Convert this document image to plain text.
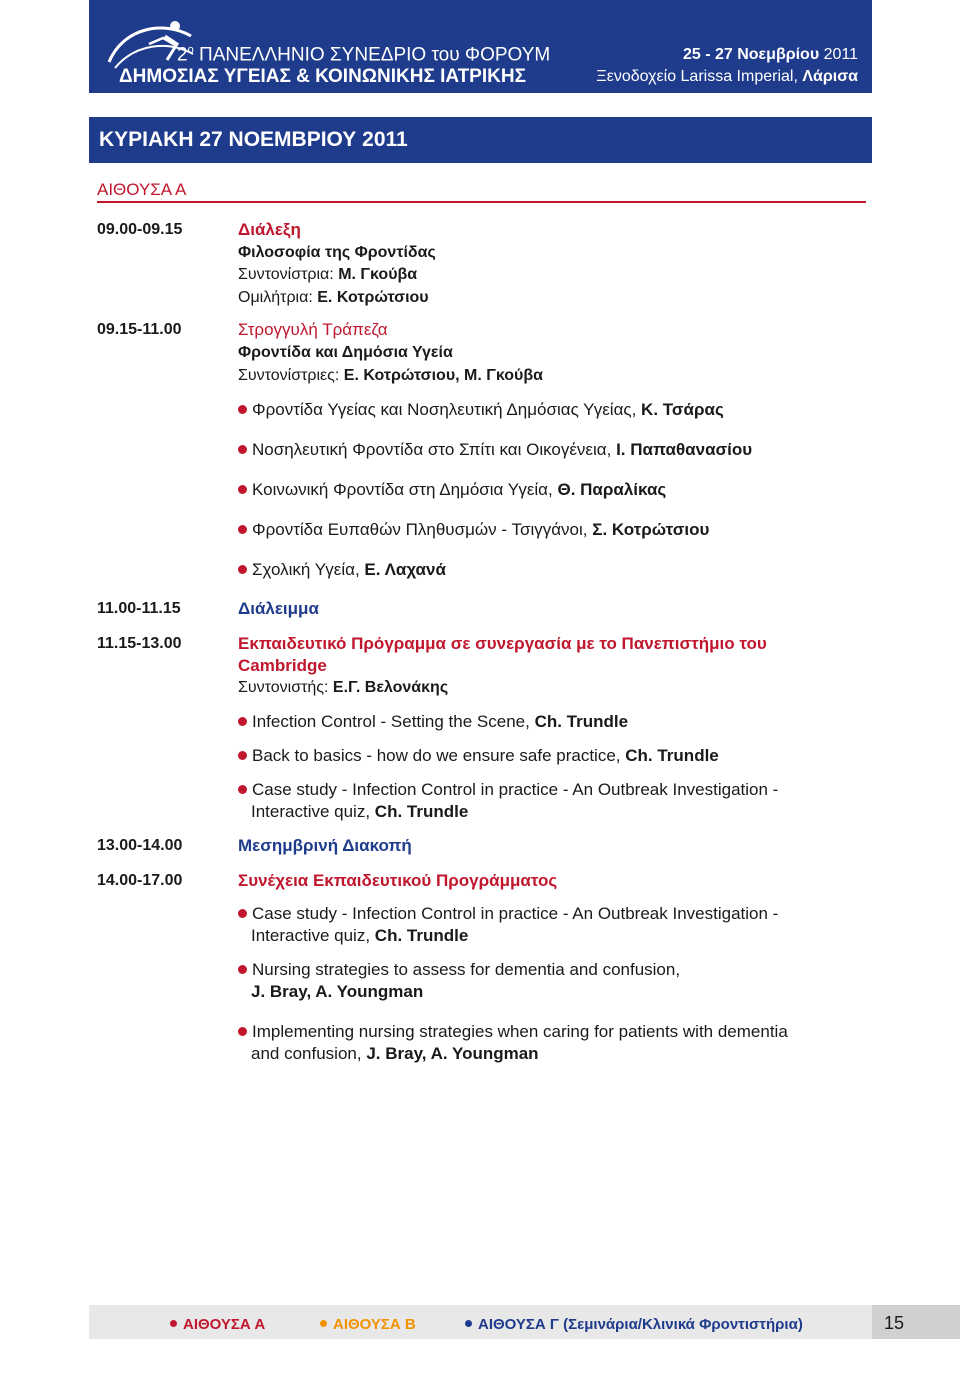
$2^o$ ΠΑΝΕΛΛΗΝΙΟ ΣΥΝΕΔΡΙΟ του ΦΟΡΟΥΜ
ΔΗΜΟΣΙΑΣ ΥΓΕΙΑΣ & ΚΟΙΝΩΝΙΚΗΣ ΙΑΤΡΙΚΗΣ
25 - 27 Νοεμβρίου 2011
Ξενοδοχείο Larissa Imperial, Λάρισα
ΚΥΡΙΑΚΗ 27 ΝΟΕΜΒΡΙΟΥ 2011
ΑΙΘΟΥΣΑ Α
09.00-09.15	Διάλεξη
Φιλοσοφία της Φροντίδας
Συντονίστρια: Μ. Γκούβα
Ομιλήτρια: Ε. Κοτρώτσιου
09.15-11.00	Στρογγυλή Τράπεζα
Φροντίδα και Δημόσια Υγεία
Συντονίστριες: Ε. Κοτρώτσιου, Μ. Γκούβα
Φροντίδα Υγείας και Νοσηλευτική Δημόσιας Υγείας, Κ. Τσάρας
Νοσηλευτική Φροντίδα στο Σπίτι και Οικογένεια, Ι. Παπαθανασίου
Κοινωνική Φροντίδα στη Δημόσια Υγεία, Θ. Παραλίκας
Φροντίδα Ευπαθών Πληθυσμών - Τσιγγάνοι, Σ. Κοτρώτσιου
Σχολική Υγεία, Ε. Λαχανά
11.00-11.15	Διάλειμμα
11.15-13.00	Εκπαιδευτικό Πρόγραμμα σε συνεργασία με το Πανεπιστήμιο του
Cambridge
Συντονιστής: Ε.Γ. Βελονάκης
Infection Control - Setting the Scene, Ch. Trundle
Back to basics - how do we ensure safe practice, Ch. Trundle
Case study - Infection Control in practice - An Outbreak Investigation -
Interactive quiz, Ch. Trundle
13.00-14.00	Μεσημβρινή Διακοπή
14.00-17.00	Συνέχεια Εκπαιδευτικού Προγράμματος
Case study - Infection Control in practice - An Outbreak Investigation -
Interactive quiz, Ch. Trundle
Nursing strategies to assess for dementia and confusion,
J. Bray, A. Youngman
Implementing nursing strategies when caring for patients with dementia
and confusion, J. Bray, A. Youngman
ΑΙΘΟΥΣΑ Α	ΑΙΘΟΥΣΑ Β	ΑΙΘΟΥΣΑ Γ (Σεμινάρια/Κλινικά Φροντιστήρια)	15
